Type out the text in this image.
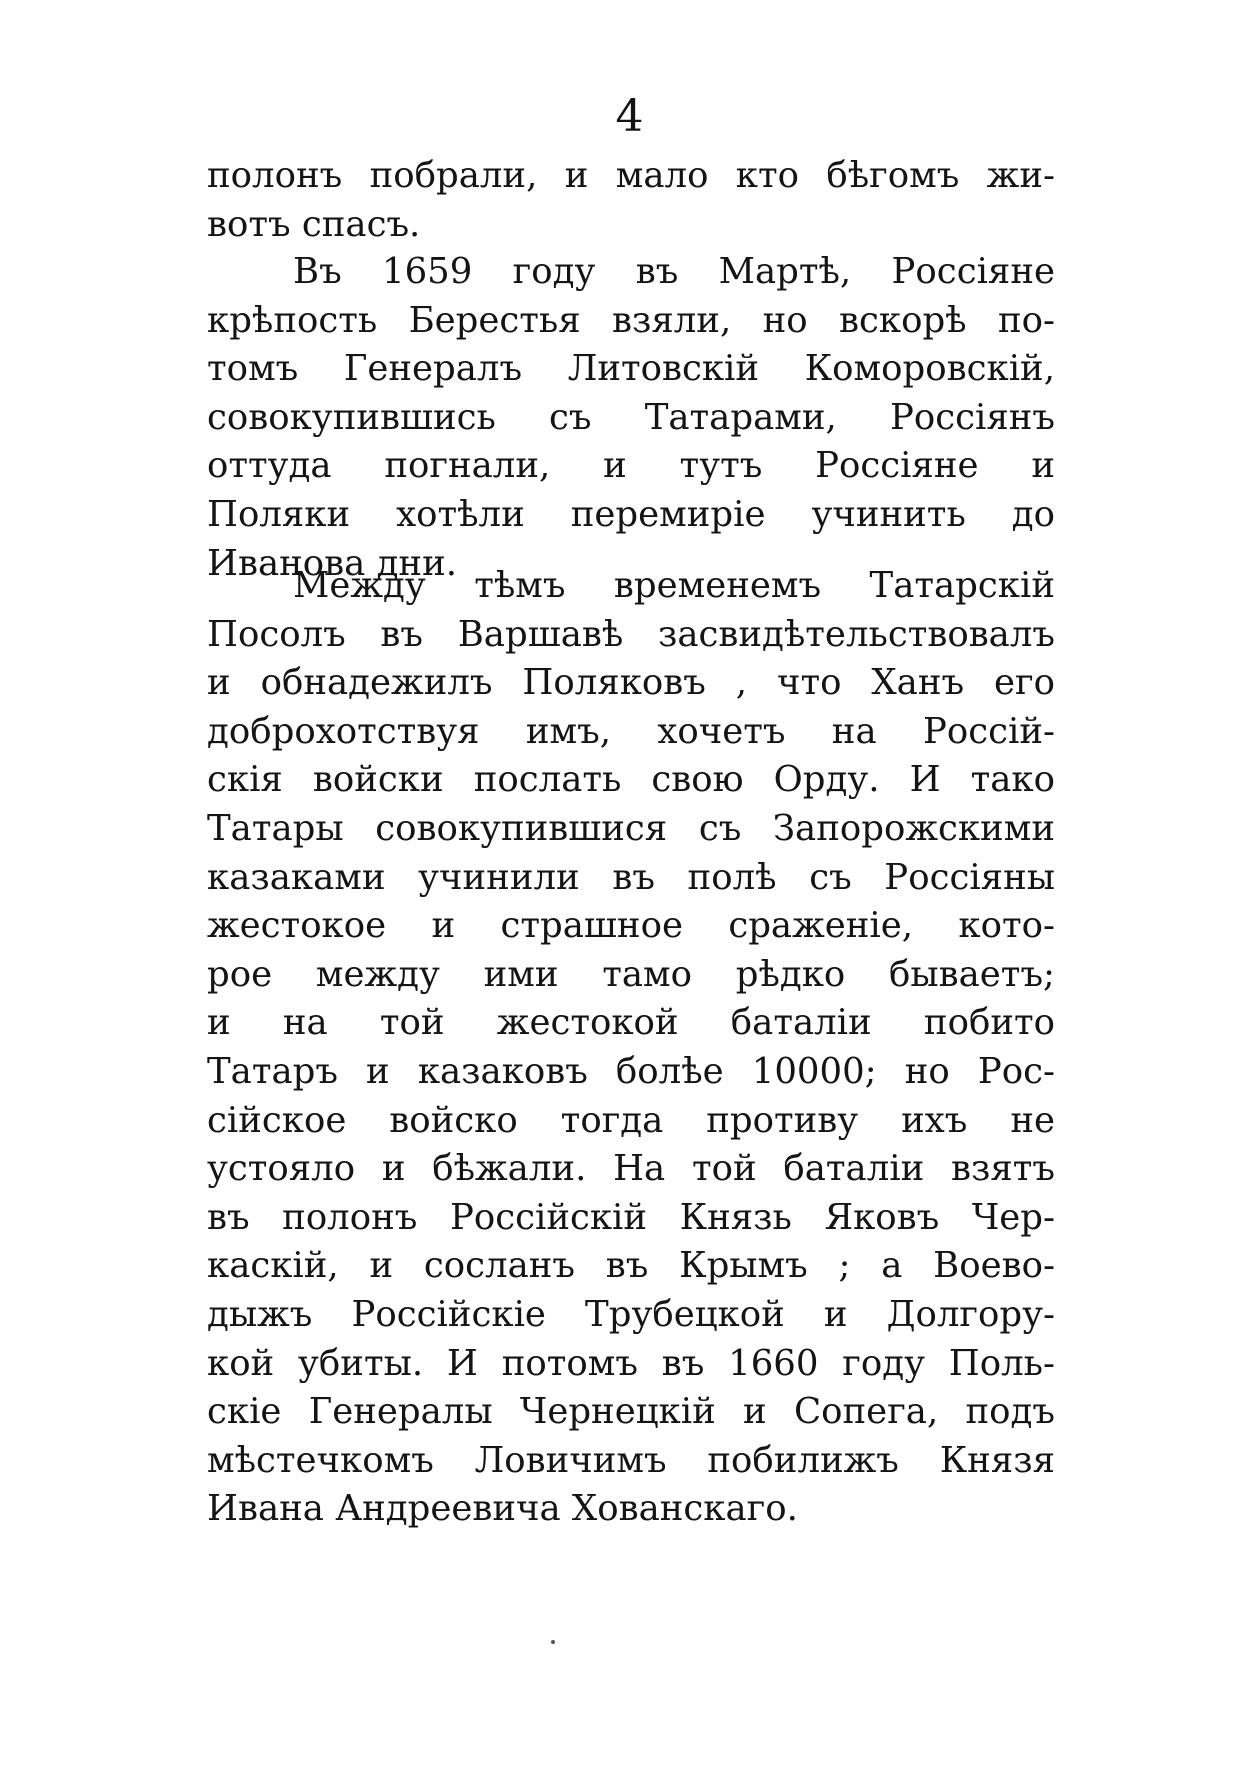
4
полонъ побрали, и мало кто бѣгомъ жи-
вотъ спасъ.
Въ 1659 году въ Мартѣ, Россіяне
крѣпость Берестья взяли, но вскорѣ по-
томъ Генералъ Литовскій Коморовскій,
совокупившись съ Татарами, Россіянъ
оттуда погнали, и тутъ Россіяне и
Поляки хотѣли перемиріе учинить до
Иванова дни.
Между тѣмъ временемъ Татарскій
Посолъ въ Варшавѣ засвидѣтельствовалъ
и обнадежилъ Поляковъ , что Ханъ его
доброхотствуя имъ, хочетъ на Россій-
скія войски послать свою Орду. И тако
Татары совокупившися съ Запорожскими
казаками учинили въ полѣ съ Россіяны
жестокое и страшное сраженіе, кото-
рое между ими тамо рѣдко бываетъ;
и на той жестокой баталіи побито
Татаръ и казаковъ болѣе 10000; но Рос-
сійское войско тогда противу ихъ не
устояло и бѣжали. На той баталіи взятъ
въ полонъ Россійскій Князь Яковъ Чер-
каскій, и сосланъ въ Крымъ ; а Воево-
дыжъ Россійскіе Трубецкой и Долгору-
кой убиты. И потомъ въ 1660 году Поль-
скіе Генералы Чернецкій и Сопега, подъ
мѣстечкомъ Ловичимъ побилижъ Князя
Ивана Андреевича Хованскаго.
